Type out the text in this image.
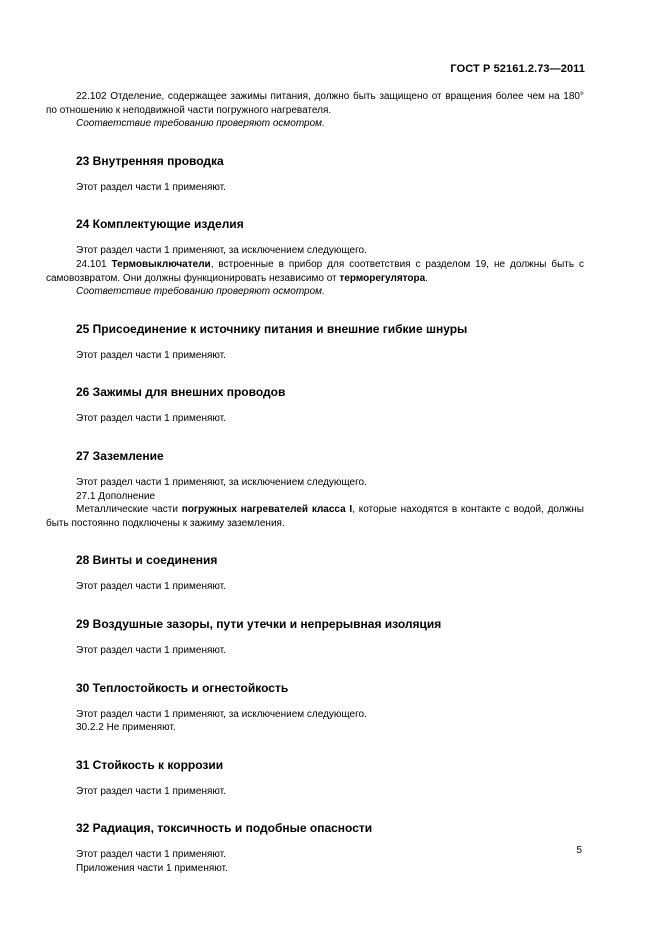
ГОСТ Р 52161.2.73—2011

22.102 Отделение, содержащее зажимы питания, должно быть защищено от вращения более чем на 180° по отношению к неподвижной части погружного нагревателя.

Соответствие требованию проверяют осмотром.

23 Внутренняя проводка

Этот раздел части 1 применяют.

24 Комплектующие изделия

Этот раздел части 1 применяют, за исключением следующего.

24.101 Термовыключатели, встроенные в прибор для соответствия с разделом 19, не должны быть с самовозвратом. Они должны функционировать независимо от терморегулятора.

Соответствие требованию проверяют осмотром.

25 Присоединение к источнику питания и внешние гибкие шнуры

Этот раздел части 1 применяют.

26 Зажимы для внешних проводов

Этот раздел части 1 применяют.

27 Заземление

Этот раздел части 1 применяют, за исключением следующего.

27.1 Дополнение

Металлические части погружных нагревателей класса I, которые находятся в контакте с водой, должны быть постоянно подключены к зажиму заземления.

28 Винты и соединения

Этот раздел части 1 применяют.

29 Воздушные зазоры, пути утечки и непрерывная изоляция

Этот раздел части 1 применяют.

30 Теплостойкость и огнестойкость

Этот раздел части 1 применяют, за исключением следующего.

30.2.2 Не применяют.

31 Стойкость к коррозии

Этот раздел части 1 применяют.

32 Радиация, токсичность и подобные опасности

Этот раздел части 1 применяют.

Приложения части 1 применяют.

5
